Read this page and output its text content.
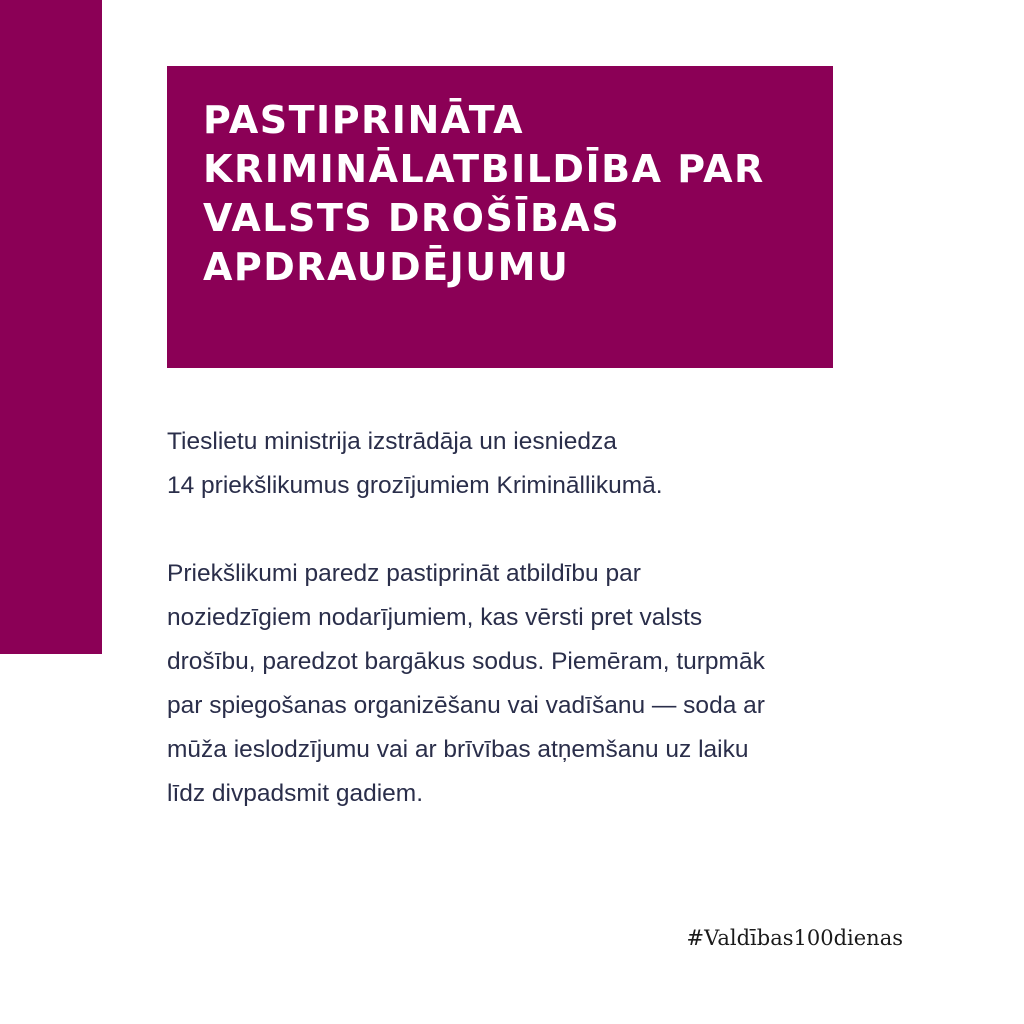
PASTIPRINĀTA
KRIMINĀLATBILDĪBA PAR
VALSTS DROŠĪBAS
APDRAUDĒJUMU

Tieslietu ministrija izstrādāja un iesniedza
14 priekšlikumus grozījumiem Krimināllikumā.

Priekšlikumi paredz pastiprināt atbildību par
noziedzīgiem nodarījumiem, kas vērsti pret valsts
drošību, paredzot bargākus sodus. Piemēram, turpmāk
par spiegošanas organizēšanu vai vadīšanu — soda ar
mūža ieslodzījumu vai ar brīvības atņemšanu uz laiku
līdz divpadsmit gadiem.

#Valdības100dienas
